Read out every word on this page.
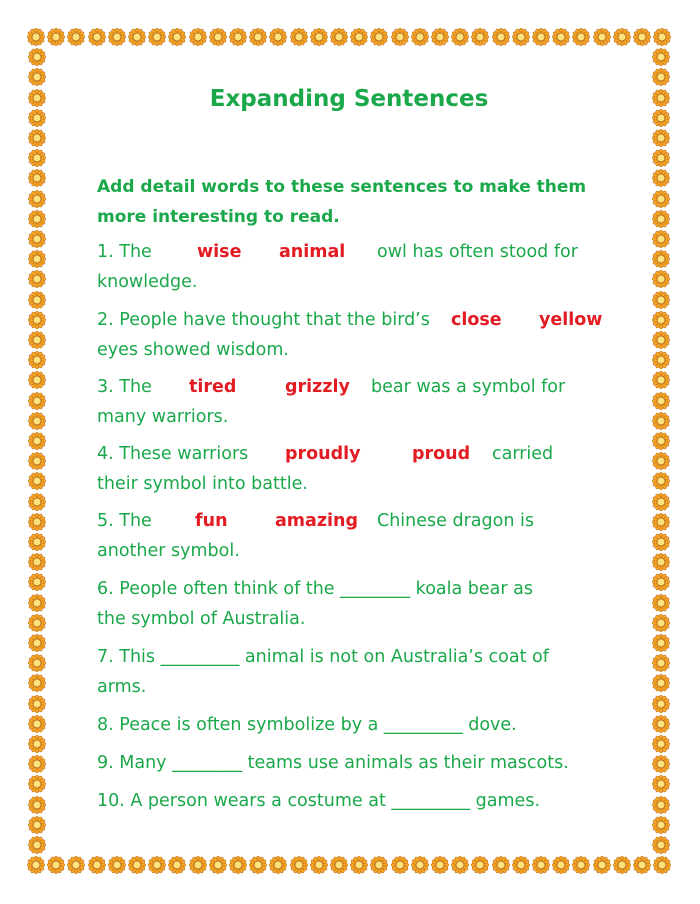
Expanding Sentences
Add detail words to these sentences to make them
more interesting to read.
1. The	wise animal owl has often stood for
knowledge.
2. People have thought that the bird’s close yellow
eyes showed wisdom.
3. The tired	grizzly bear was a symbol for
many warriors.
4. These warriors proudly	proud carried
their symbol into battle.
5. The fun	amazing Chinese dragon is
another symbol.
6. People often think of the ________ koala bear as
the symbol of Australia.
7. This _________ animal is not on Australia’s coat of
arms.
8. Peace is often symbolize by a _________ dove.
9. Many ________ teams use animals as their mascots.
10. A person wears a costume at _________ games.
